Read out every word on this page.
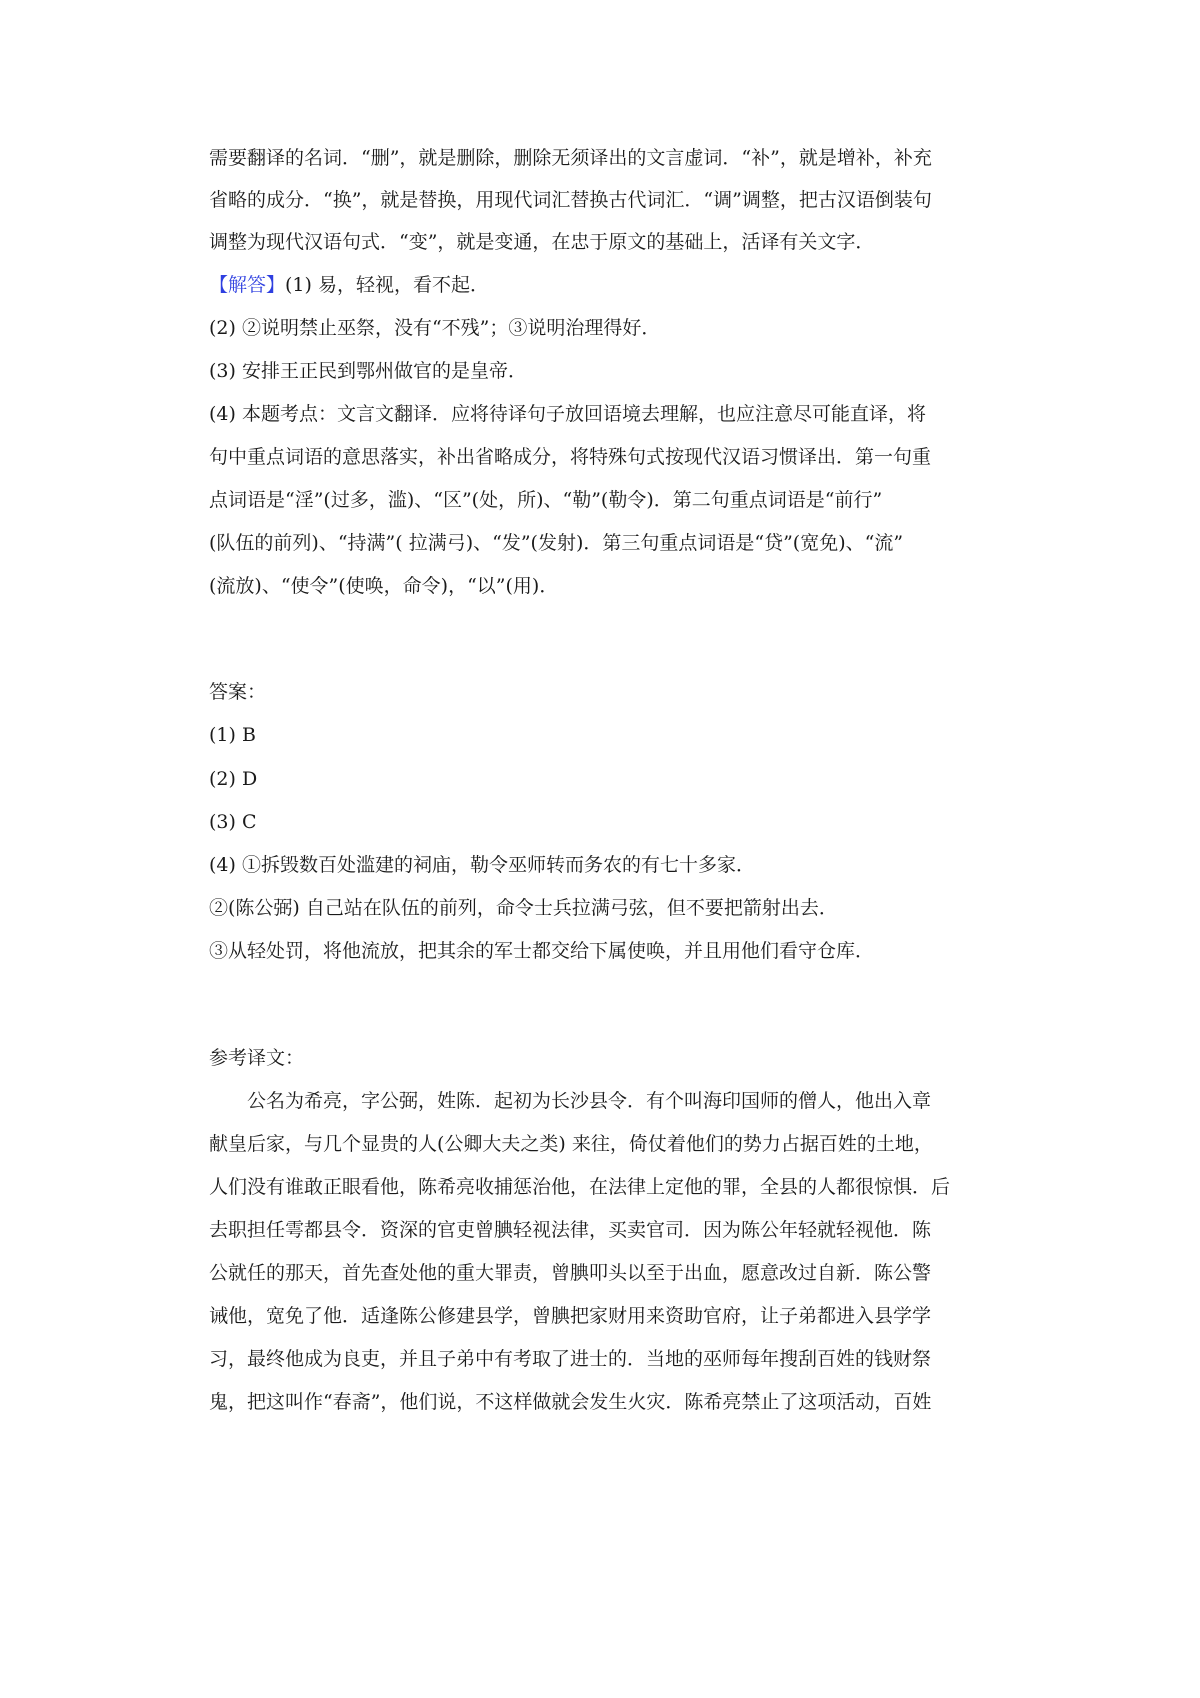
需要翻译的名词．“删”，就是删除，删除无须译出的文言虚词．“补”，就是增补，补充
省略的成分．“换”，就是替换，用现代词汇替换古代词汇．“调”调整，把古汉语倒装句
调整为现代汉语句式．“变”，就是变通，在忠于原文的基础上，活译有关文字．
【解答】(1) 易，轻视，看不起．
(2) ②说明禁止巫祭，没有“不残”；③说明治理得好．
(3) 安排王正民到鄂州做官的是皇帝．
(4) 本题考点：文言文翻译．应将待译句子放回语境去理解，也应注意尽可能直译，将
句中重点词语的意思落实，补出省略成分，将特殊句式按现代汉语习惯译出．第一句重
点词语是“淫”(过多，滥)、“区”(处，所)、“勒”(勒令)．第二句重点词语是“前行”
(队伍的前列)、“持满”( 拉满弓)、“发”(发射)．第三句重点词语是“贷”(宽免)、“流”
(流放)、“使令”(使唤，命令)，“以”(用)．
答案：
(1) B
(2) D
(3) C
(4) ①拆毁数百处滥建的祠庙，勒令巫师转而务农的有七十多家．
②(陈公弼) 自己站在队伍的前列，命令士兵拉满弓弦，但不要把箭射出去．
③从轻处罚，将他流放，把其余的军士都交给下属使唤，并且用他们看守仓库．
参考译文：
　　公名为希亮，字公弼，姓陈．起初为长沙县令．有个叫海印国师的僧人，他出入章
献皇后家，与几个显贵的人(公卿大夫之类) 来往，倚仗着他们的势力占据百姓的土地，
人们没有谁敢正眼看他，陈希亮收捕惩治他，在法律上定他的罪，全县的人都很惊惧．后
去职担任雩都县令．资深的官吏曾腆轻视法律，买卖官司．因为陈公年轻就轻视他．陈
公就任的那天，首先查处他的重大罪责，曾腆叩头以至于出血，愿意改过自新．陈公警
诫他，宽免了他．适逢陈公修建县学，曾腆把家财用来资助官府，让子弟都进入县学学
习，最终他成为良吏，并且子弟中有考取了进士的．当地的巫师每年搜刮百姓的钱财祭
鬼，把这叫作“春斋”，他们说，不这样做就会发生火灾．陈希亮禁止了这项活动，百姓
